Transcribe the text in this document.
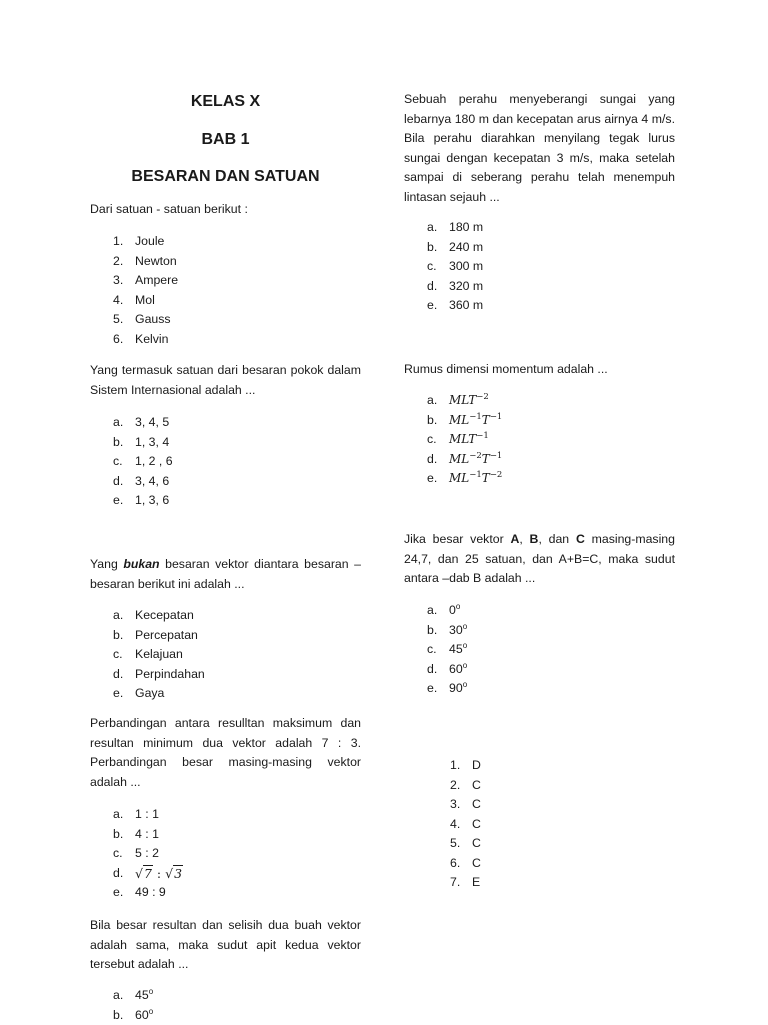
KELAS X
BAB 1
BESARAN DAN SATUAN

Dari satuan - satuan berikut :

1. Joule
2. Newton
3. Ampere
4. Mol
5. Gauss
6. Kelvin

Yang termasuk satuan dari besaran pokok dalam Sistem Internasional adalah ...

a. 3, 4, 5
b. 1, 3, 4
c.	1, 2 , 6
d. 3, 4, 6
e. 1, 3, 6

Yang bukan besaran vektor diantara besaran – besaran berikut ini adalah ...

a. Kecepatan
b. Percepatan
c.	Kelajuan
d. Perpindahan
e. Gaya

Perbandingan antara resulltan maksimum dan resultan minimum dua vektor adalah 7 : 3. Perbandingan besar masing-masing vektor adalah ...

a. 1 : 1
b. 4 : 1
c.	5 : 2
d. √7 : √3
e. 49 : 9

Bila besar resultan dan selisih dua buah vektor adalah sama, maka sudut apit kedua vektor tersebut adalah ...

a. 45$^o$
b. 60$^o$

Sebuah perahu menyeberangi sungai yang lebarnya 180 m dan kecepatan arus airnya 4 m/s. Bila perahu diarahkan menyilang tegak lurus sungai dengan kecepatan 3 m/s, maka setelah sampai di seberang perahu telah menempuh lintasan sejauh ...

a. 180 m
b. 240 m
c.	300 m
d. 320 m
e. 360 m

Rumus dimensi momentum adalah ...

a. $MLT^{-2}$
b. $ML^{-1}T^{-1}$
c.	$MLT^{-1}$
d. $ML^{-2}T^{-1}$
e. $ML^{-1}T^{-2}$

Jika besar vektor A, B, dan C masing-masing 24,7, dan 25 satuan, dan A+B=C, maka sudut antara –dab B adalah ...

a. 0$^o$
b. 30$^o$
c.	45$^o$
d. 60$^o$
e. 90$^o$
1. D
2. C
3. C
4. C
5. C
6. C
7. E
